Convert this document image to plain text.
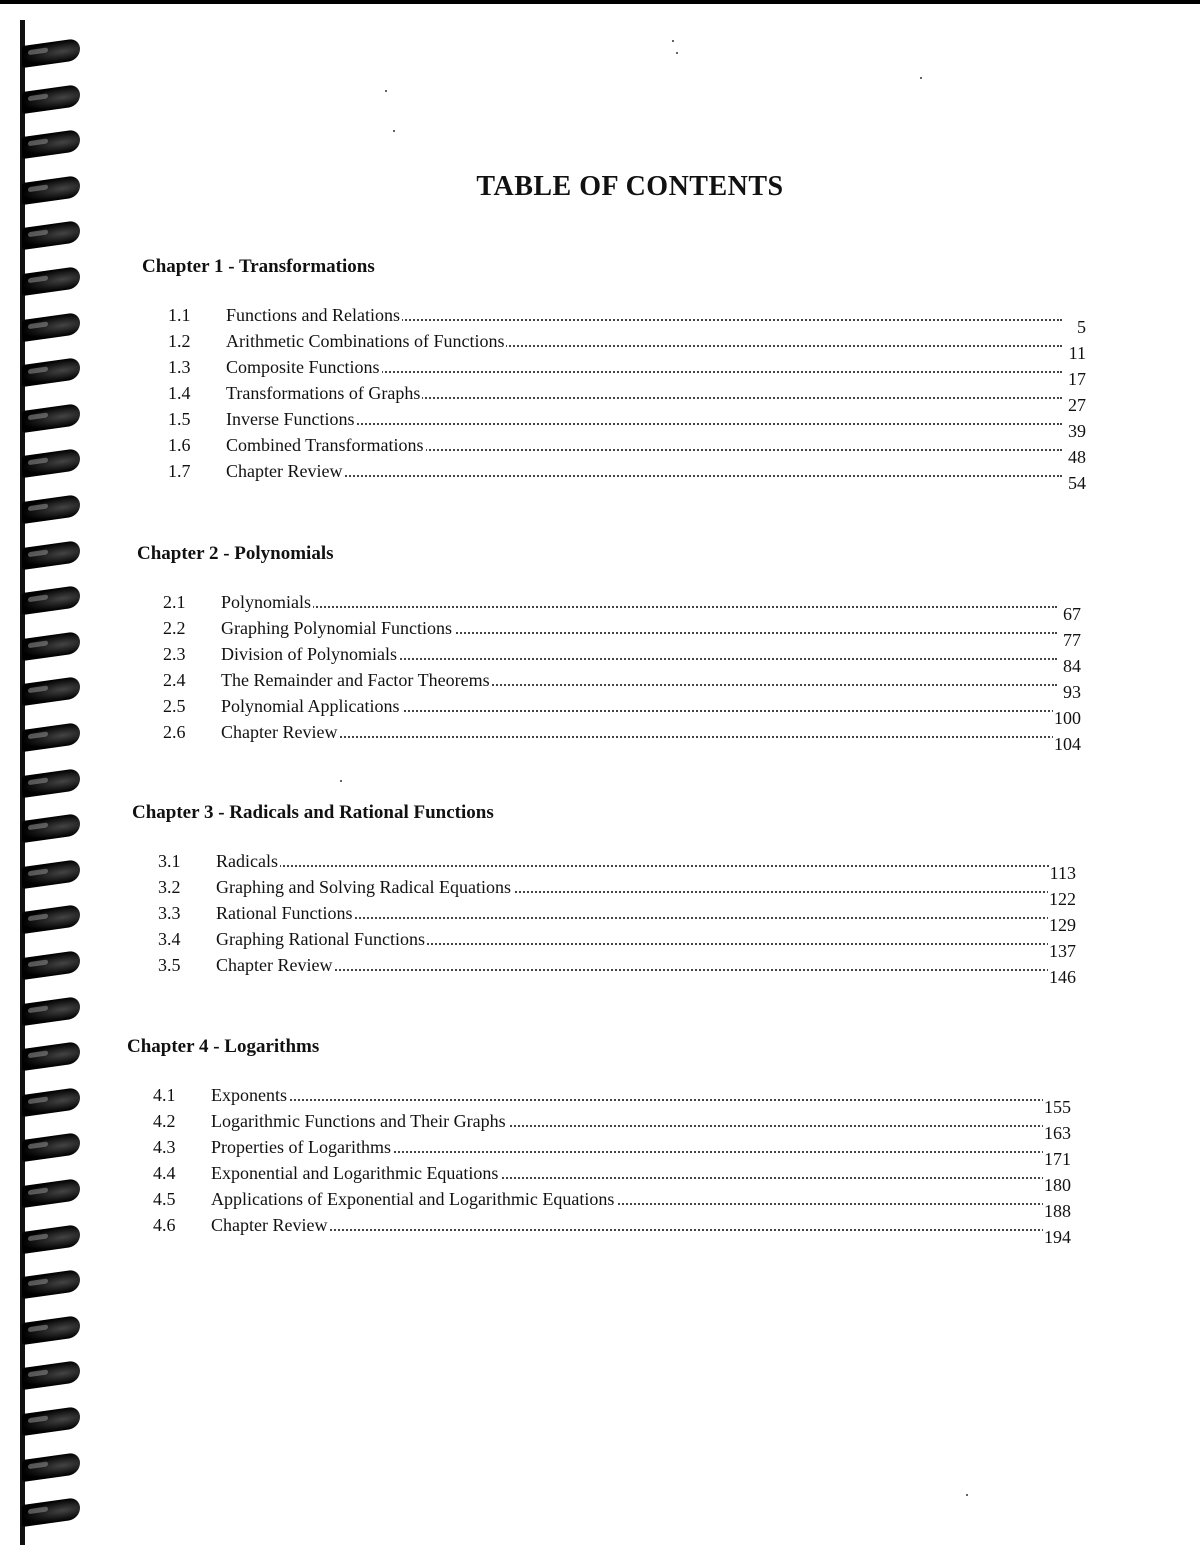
TABLE OF CONTENTS
Chapter 1 - Transformations
1.1 Functions and Relations
5
1.2 Arithmetic Combinations of Functions
11
1.3 Composite Functions
17
1.4 Transformations of Graphs
27
1.5 Inverse Functions
39
1.6 Combined Transformations
48
1.7 Chapter Review
54
Chapter 2 - Polynomials
2.1 Polynomials
67
2.2 Graphing Polynomial Functions
77
2.3 Division of Polynomials
84
2.4 The Remainder and Factor Theorems
93
2.5 Polynomial Applications
100
2.6 Chapter Review
104
Chapter 3 - Radicals and Rational Functions
3.1 Radicals
113
3.2 Graphing and Solving Radical Equations
122
3.3 Rational Functions
129
3.4 Graphing Rational Functions
137
3.5 Chapter Review
146
Chapter 4 - Logarithms
4.1 Exponents
155
4.2 Logarithmic Functions and Their Graphs
163
4.3 Properties of Logarithms
171
4.4 Exponential and Logarithmic Equations
180
4.5 Applications of Exponential and Logarithmic Equations
188
4.6 Chapter Review
194
